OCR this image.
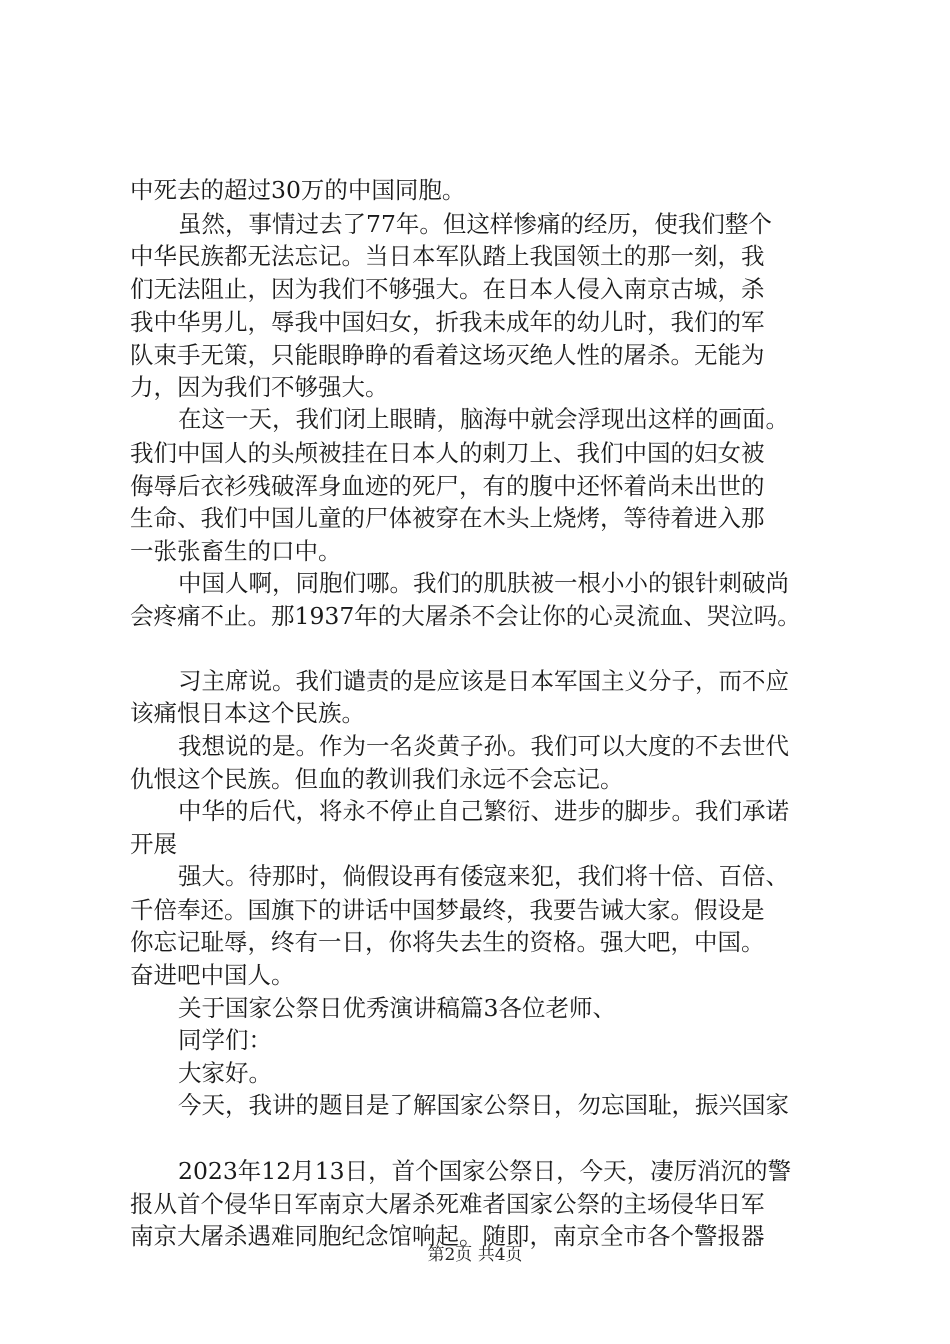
中死去的超过30万的中国同胞。
虽然，事情过去了77年。但这样惨痛的经历，使我们整个
中华民族都无法忘记。当日本军队踏上我国领土的那一刻，我
们无法阻止，因为我们不够强大。在日本人侵入南京古城，杀
我中华男儿，辱我中国妇女，折我未成年的幼儿时，我们的军
队束手无策，只能眼睁睁的看着这场灭绝人性的屠杀。无能为
力，因为我们不够强大。
在这一天，我们闭上眼睛，脑海中就会浮现出这样的画面。
我们中国人的头颅被挂在日本人的刺刀上、我们中国的妇女被
侮辱后衣衫残破浑身血迹的死尸，有的腹中还怀着尚未出世的
生命、我们中国儿童的尸体被穿在木头上烧烤，等待着进入那
一张张畜生的口中。
中国人啊，同胞们哪。我们的肌肤被一根小小的银针刺破尚
会疼痛不止。那1937年的大屠杀不会让你的心灵流血、哭泣吗。
习主席说。我们谴责的是应该是日本军国主义分子，而不应
该痛恨日本这个民族。
我想说的是。作为一名炎黄子孙。我们可以大度的不去世代
仇恨这个民族。但血的教训我们永远不会忘记。
中华的后代，将永不停止自己繁衍、进步的脚步。我们承诺
开展
强大。待那时，倘假设再有倭寇来犯，我们将十倍、百倍、
千倍奉还。国旗下的讲话中国梦最终，我要告诫大家。假设是
你忘记耻辱，终有一日，你将失去生的资格。强大吧，中国。
奋进吧中国人。
关于国家公祭日优秀演讲稿篇3各位老师、
同学们：
大家好。
今天，我讲的题目是了解国家公祭日，勿忘国耻，振兴国家
2023年12月13日，首个国家公祭日，今天，凄厉消沉的警
报从首个侵华日军南京大屠杀死难者国家公祭的主场侵华日军
南京大屠杀遇难同胞纪念馆响起。随即，南京全市各个警报器
第2页 共4页
